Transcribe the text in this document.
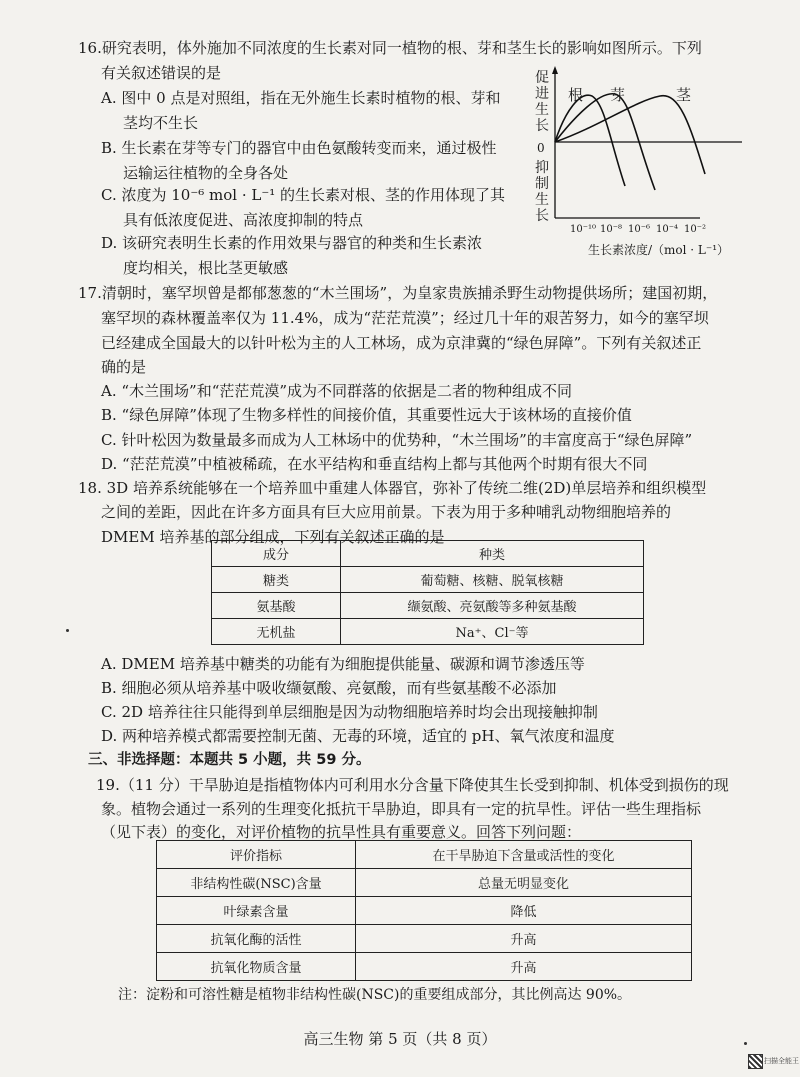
16.研究表明，体外施加不同浓度的生长素对同一植物的根、芽和茎生长的影响如图所示。下列
有关叙述错误的是
A. 图中 0 点是对照组，指在无外施生长素时植物的根、芽和
茎均不生长
B. 生长素在芽等专门的器官中由色氨酸转变而来，通过极性
运输运往植物的全身各处
C. 浓度为 10⁻⁶ mol · L⁻¹ 的生长素对根、茎的作用体现了其
具有低浓度促进、高浓度抑制的特点
D. 该研究表明生长素的作用效果与器官的种类和生长素浓
度均相关，根比茎更敏感
促
进
生
长
0
抑
制
生
长
根 芽	茎
10⁻¹⁰ 10⁻⁸ 10⁻⁶ 10⁻⁴ 10⁻²
生长素浓度/（mol · L⁻¹）
17.清朝时，塞罕坝曾是都郁葱葱的“木兰围场”，为皇家贵族捕杀野生动物提供场所；建国初期，
塞罕坝的森林覆盖率仅为 11.4%，成为“茫茫荒漠”；经过几十年的艰苦努力，如今的塞罕坝
已经建成全国最大的以针叶松为主的人工林场，成为京津冀的“绿色屏障”。下列有关叙述正
确的是
A. “木兰围场”和“茫茫荒漠”成为不同群落的依据是二者的物种组成不同
B. “绿色屏障”体现了生物多样性的间接价值，其重要性远大于该林场的直接价值
C. 针叶松因为数量最多而成为人工林场中的优势种，“木兰围场”的丰富度高于“绿色屏障”
D. “茫茫荒漠”中植被稀疏，在水平结构和垂直结构上都与其他两个时期有很大不同
18. 3D 培养系统能够在一个培养皿中重建人体器官，弥补了传统二维(2D)单层培养和组织模型
之间的差距，因此在许多方面具有巨大应用前景。下表为用于多种哺乳动物细胞培养的
DMEM 培养基的部分组成，下列有关叙述正确的是
成分	种类
糖类	葡萄糖、核糖、脱氧核糖
氨基酸	缬氨酸、亮氨酸等多种氨基酸
无机盐	Na⁺、Cl⁻等
A. DMEM 培养基中糖类的功能有为细胞提供能量、碳源和调节渗透压等
B. 细胞必须从培养基中吸收缬氨酸、亮氨酸，而有些氨基酸不必添加
C. 2D 培养往往只能得到单层细胞是因为动物细胞培养时均会出现接触抑制
D. 两种培养模式都需要控制无菌、无毒的环境，适宜的 pH、氧气浓度和温度
三、非选择题：本题共 5 小题，共 59 分。
19.（11 分）干旱胁迫是指植物体内可利用水分含量下降使其生长受到抑制、机体受到损伤的现
象。植物会通过一系列的生理变化抵抗干旱胁迫，即具有一定的抗旱性。评估一些生理指标
（见下表）的变化，对评价植物的抗旱性具有重要意义。回答下列问题：
评价指标	在干旱胁迫下含量或活性的变化
非结构性碳(NSC)含量	总量无明显变化
叶绿素含量	降低
抗氧化酶的活性	升高
抗氧化物质含量	升高
注：淀粉和可溶性糖是植物非结构性碳(NSC)的重要组成部分，其比例高达 90%。
高三生物 第 5 页（共 8 页）
扫描全能王
